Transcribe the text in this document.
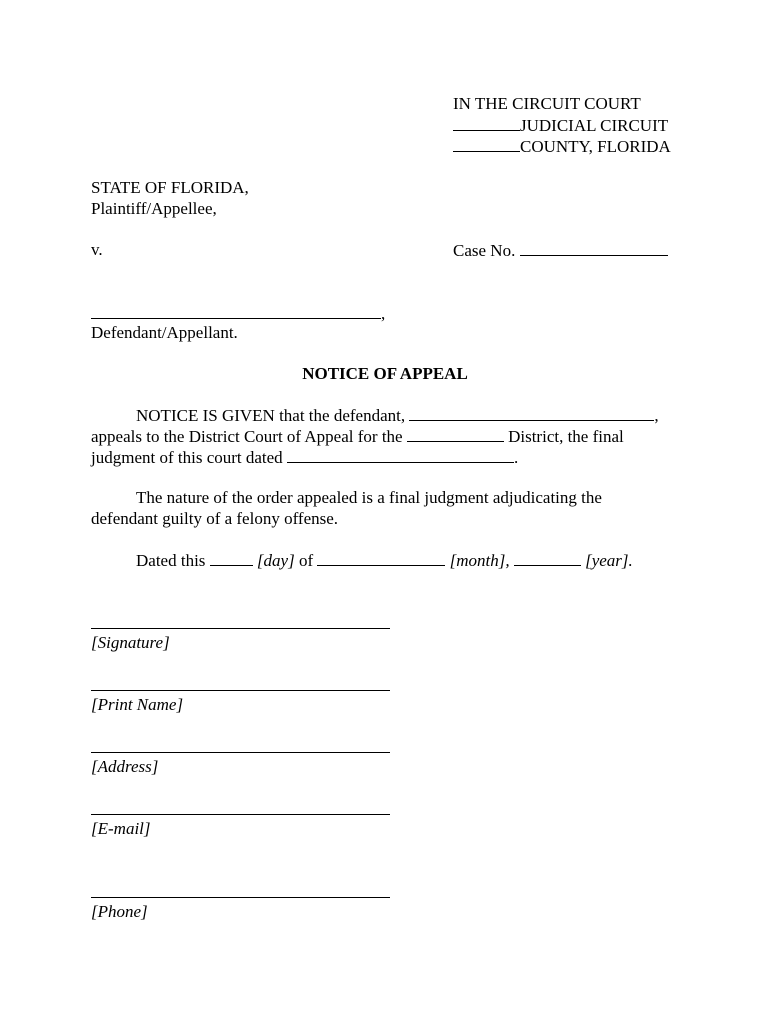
IN THE CIRCUIT COURT
JUDICIAL CIRCUIT
COUNTY, FLORIDA
STATE OF FLORIDA,
Plaintiff/Appellee,
v.	Case No.
,
Defendant/Appellant.
NOTICE OF APPEAL
NOTICE IS GIVEN that the defendant,	,
appeals to the District Court of Appeal for the	District, the final
judgment of this court dated	.
The nature of the order appealed is a final judgment adjudicating the
defendant guilty of a felony offense.
Dated this	[day] of	[month],	[year].
[Signature]
[Print Name]
[Address]
[E-mail]
[Phone]
